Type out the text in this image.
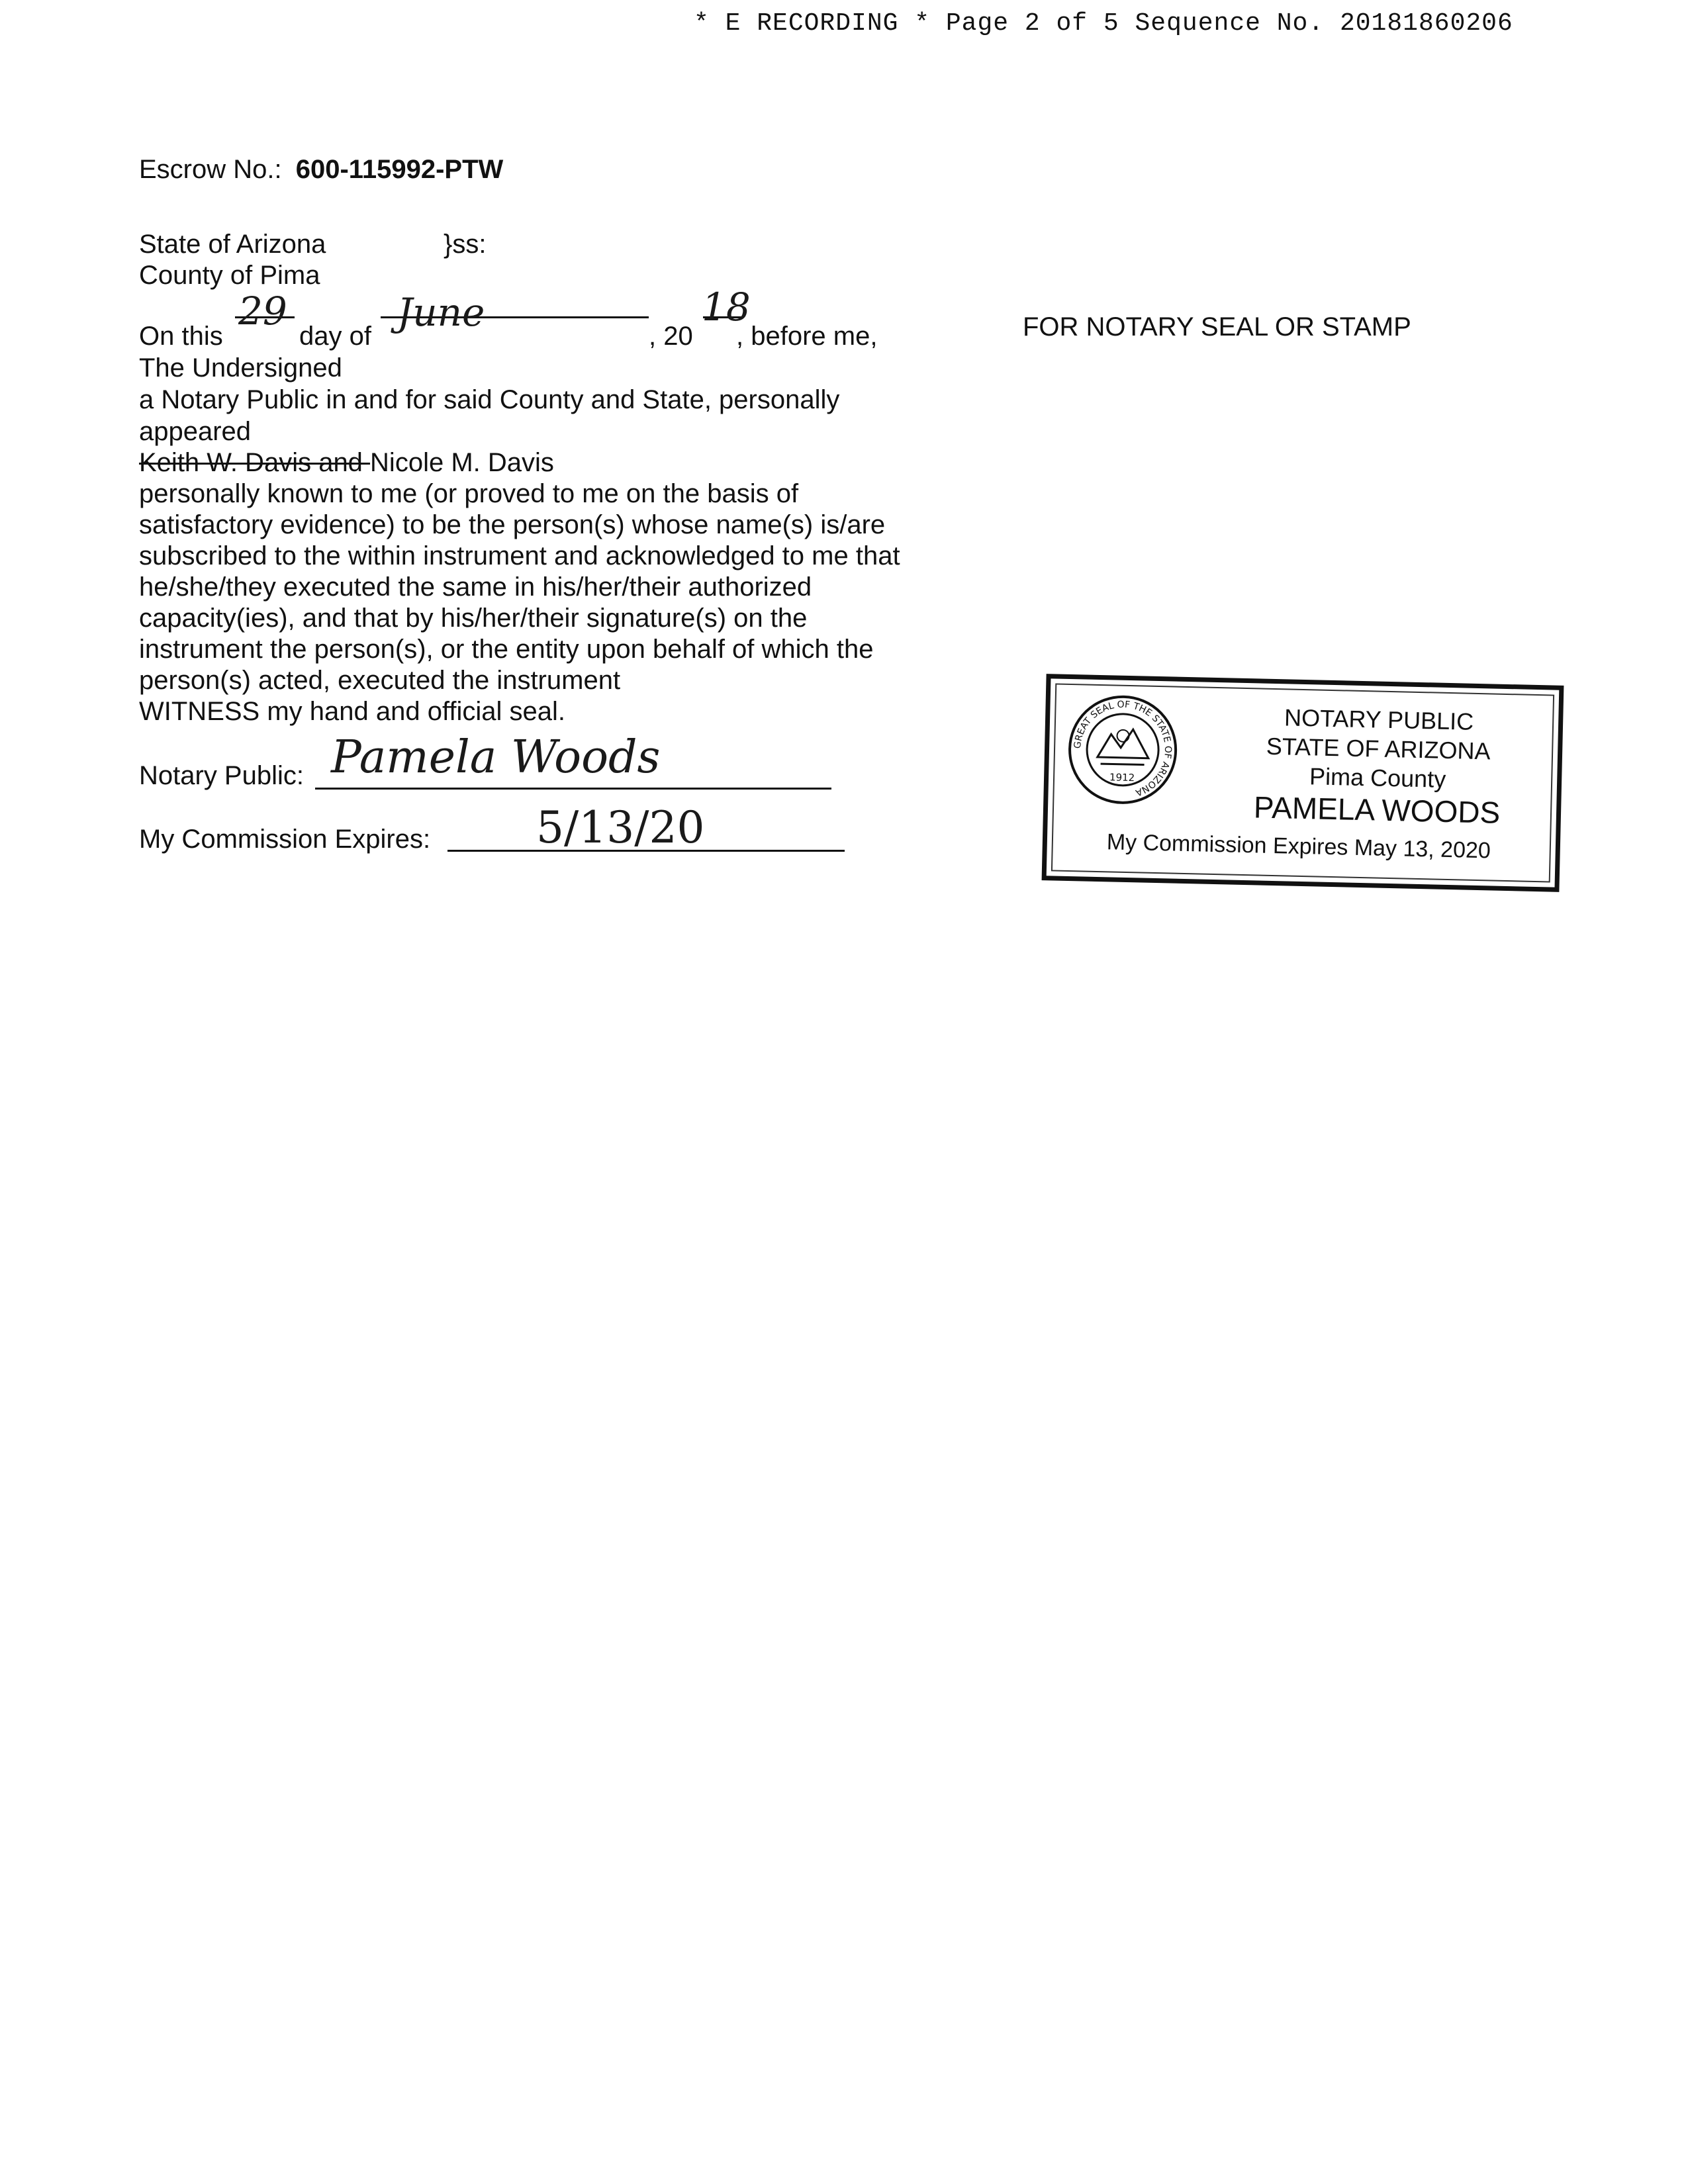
* E RECORDING * Page 2 of 5 Sequence No. 20181860206
Escrow No.: 600-115992-PTW
State of Arizona	}ss:
County of Pima
On this
29
day of
June
, 20
18
, before me,
The Undersigned
a Notary Public in and for said County and State, personally
appeared
Keith W. Davis and Nicole M. Davis
personally known to me (or proved to me on the basis of
satisfactory evidence) to be the person(s) whose name(s) is/are
subscribed to the within instrument and acknowledged to me that
he/she/they executed the same in his/her/their authorized
capacity(ies), and that by his/her/their signature(s) on the
instrument the person(s), or the entity upon behalf of which the
person(s) acted, executed the instrument
WITNESS my hand and official seal.
Notary Public: Pamela Woods
My Commission Expires: 5/13/20
FOR NOTARY SEAL OR STAMP
GREAT SEAL OF THE STATE OF ARIZONA
1912
NOTARY PUBLIC
STATE OF ARIZONA
Pima County
PAMELA WOODS
My Commission Expires May 13, 2020
